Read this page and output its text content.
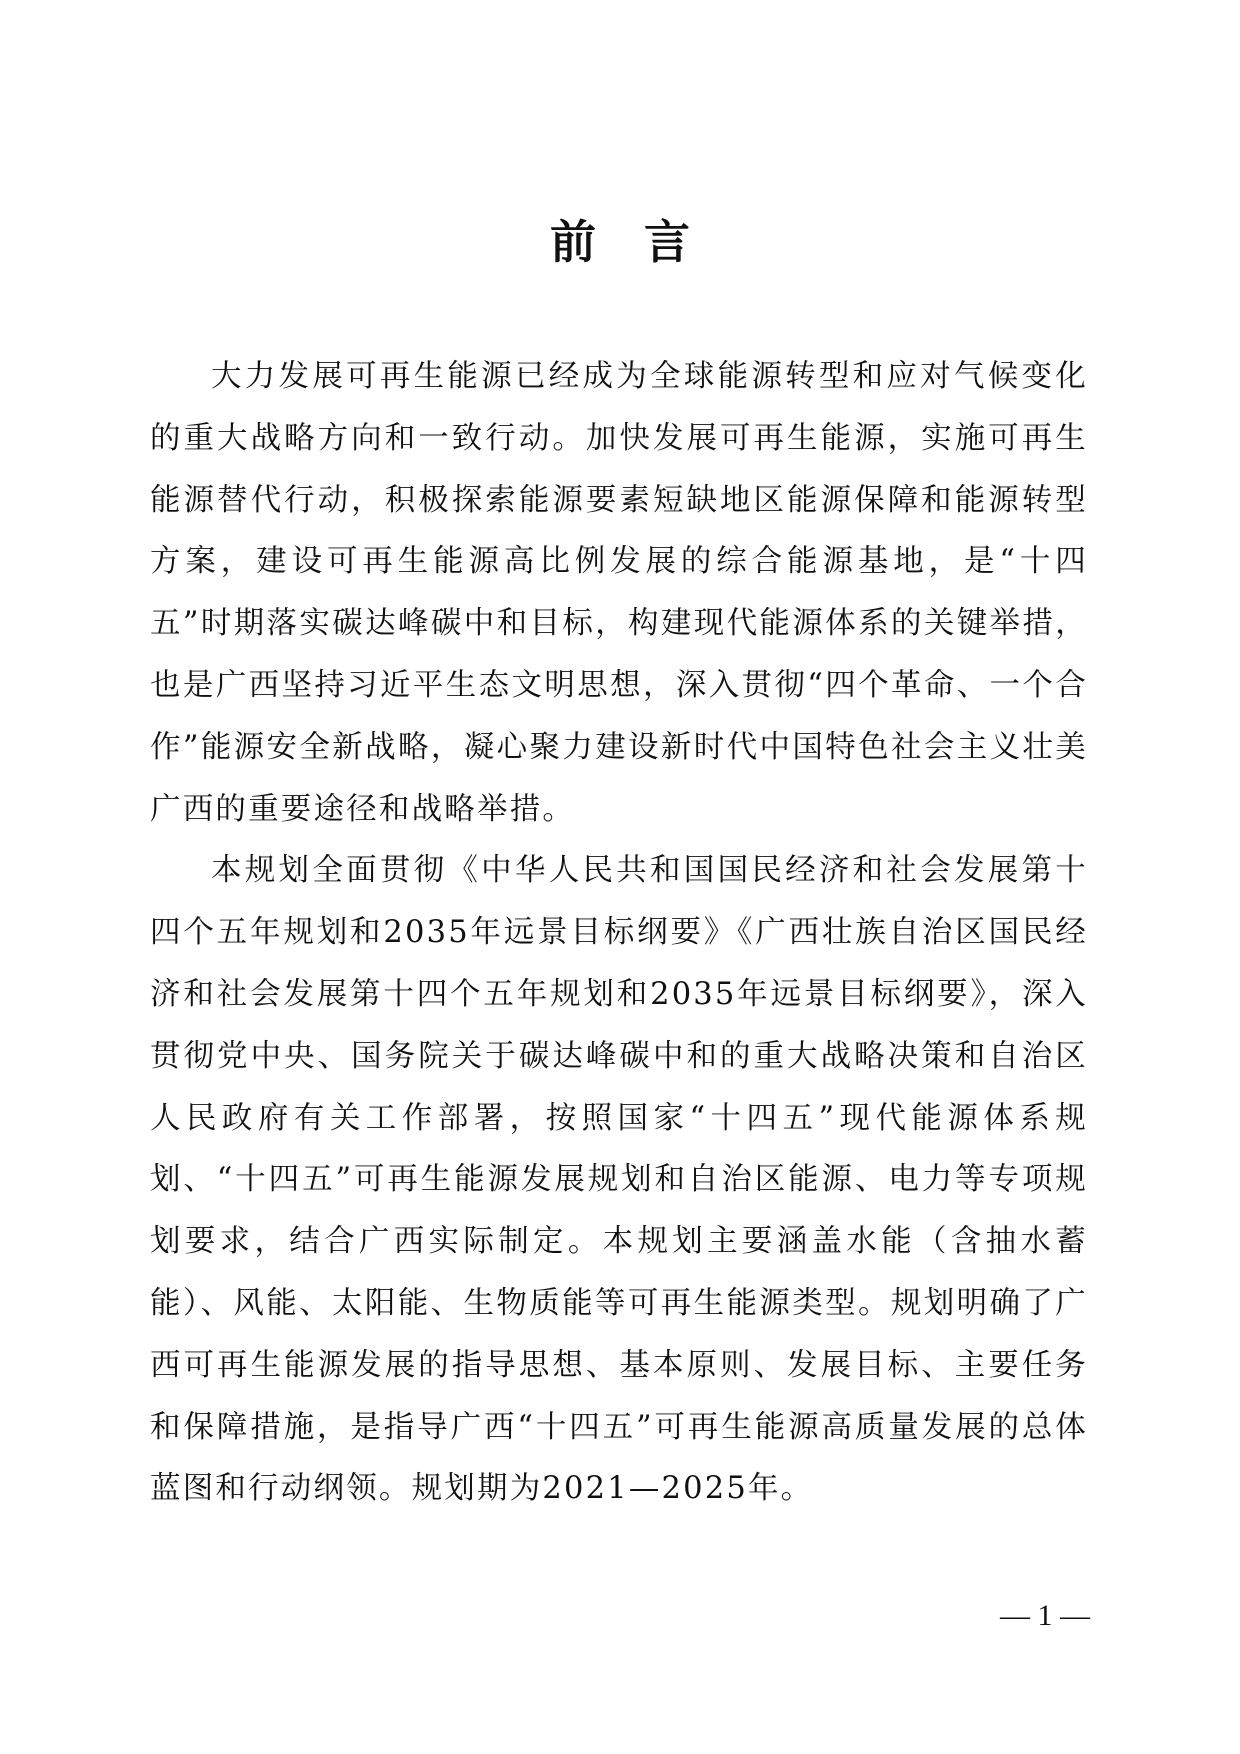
前言

大力发展可再生能源已经成为全球能源转型和应对气候变化的重大战略方向和一致行动。加快发展可再生能源，实施可再生能源替代行动，积极探索能源要素短缺地区能源保障和能源转型方案，建设可再生能源高比例发展的综合能源基地，是“十四五”时期落实碳达峰碳中和目标，构建现代能源体系的关键举措，也是广西坚持习近平生态文明思想，深入贯彻“四个革命、一个合作”能源安全新战略，凝心聚力建设新时代中国特色社会主义壮美广西的重要途径和战略举措。

本规划全面贯彻《中华人民共和国国民经济和社会发展第十四个五年规划和2035年远景目标纲要》《广西壮族自治区国民经济和社会发展第十四个五年规划和2035年远景目标纲要》，深入贯彻党中央、国务院关于碳达峰碳中和的重大战略决策和自治区人民政府有关工作部署，按照国家“十四五”现代能源体系规划、“十四五”可再生能源发展规划和自治区能源、电力等专项规划要求，结合广西实际制定。本规划主要涵盖水能（含抽水蓄能）、风能、太阳能、生物质能等可再生能源类型。规划明确了广西可再生能源发展的指导思想、基本原则、发展目标、主要任务和保障措施，是指导广西“十四五”可再生能源高质量发展的总体蓝图和行动纲领。规划期为2021—2025年。

— 1 —
